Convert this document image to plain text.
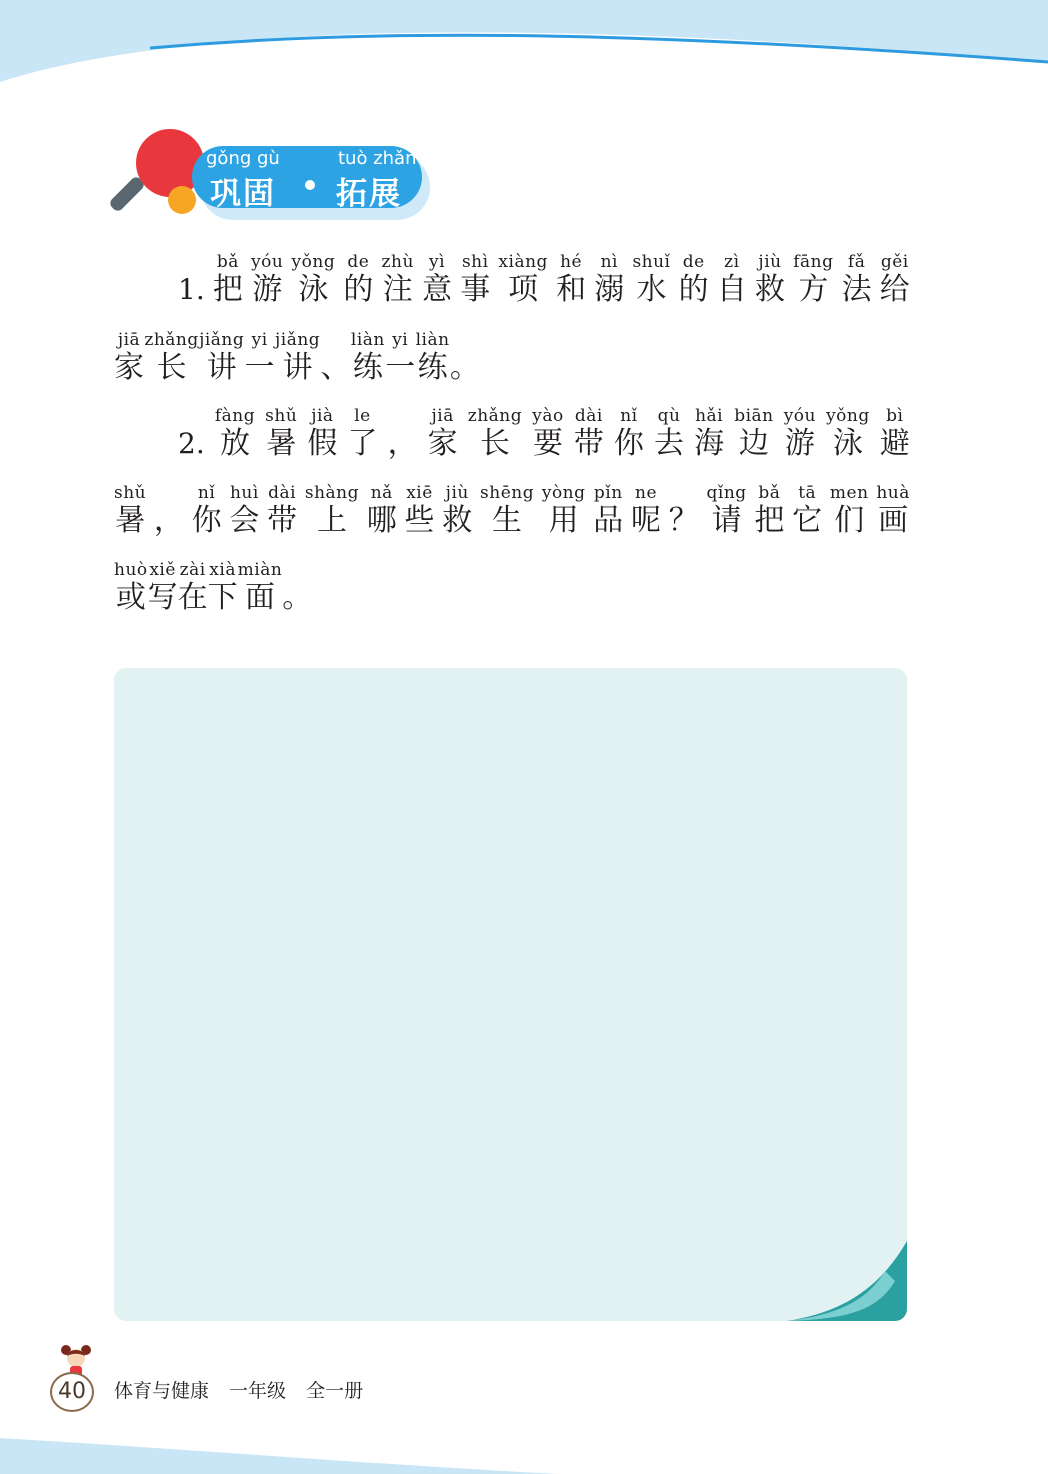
gǒng gù	tuò zhǎn
巩固 拓展
1.
bǎ
把
yóu
游
yǒng
泳
de
的
zhù
注
yì
意
shì
事
xiàng
项
hé
和
nì
溺
shuǐ
水
de
的
zì
自
jiù
救
fāng
方
fǎ
法
gěi
给
jiā
家
zhǎng
长
jiǎng
讲
yi
一
jiǎng
讲 、
liàn
练
yi
一
liàn
练 。
2.
fàng
放
shǔ
暑
jià
假
le
了 ，
jiā
家
zhǎng
长
yào
要
dài
带
nǐ
你
qù
去
hǎi
海
biān
边
yóu
游
yǒng
泳
bì
避
shǔ
暑 ，
nǐ
你
huì
会
dài
带
shàng
上
nǎ
哪
xiē
些
jiù
救
shēng
生
yòng
用
pǐn
品
ne
呢 ？
qǐng
请
bǎ
把
tā
它
men
们
huà
画
huò
或
xiě
写
zài
在
xià
下
miàn
面 。
40	体育与健康 一年级 全一册
